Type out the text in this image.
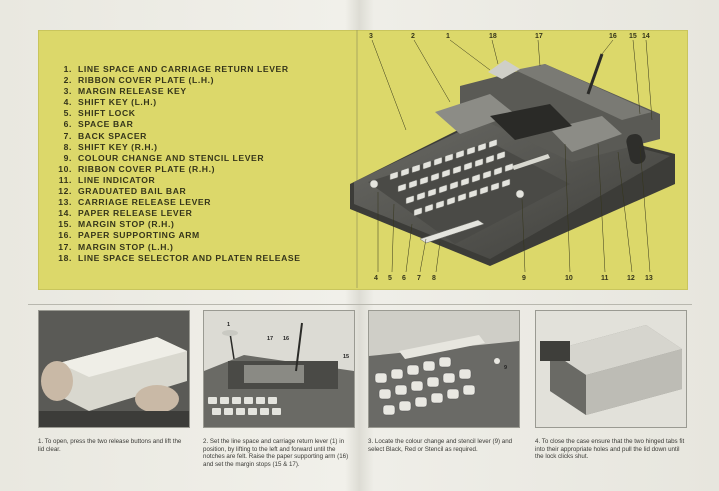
1. LINE SPACE AND CARRIAGE RETURN LEVER
2. RIBBON COVER PLATE (L.H.)
3. MARGIN RELEASE KEY
4. SHIFT KEY (L.H.)
5. SHIFT LOCK
6. SPACE BAR
7. BACK SPACER
8. SHIFT KEY (R.H.)
9. COLOUR CHANGE AND STENCIL LEVER
10. RIBBON COVER PLATE (R.H.)
11. LINE INDICATOR
12. GRADUATED BAIL BAR
13. CARRIAGE RELEASE LEVER
14. PAPER RELEASE LEVER
15. MARGIN STOP (R.H.)
16. PAPER SUPPORTING ARM
17. MARGIN STOP (L.H.)
18. LINE SPACE SELECTOR AND PLATEN RELEASE
3	2	1	18	17	16 15 14
4 5 6 7 8	9	10	11	12 13

1. To open, press the two release buttons and lift the lid clear.

1
17 16
15

2. Set the line space and carriage return lever (1) in position, by lifting to the left and forward until the notches are felt. Raise the paper supporting arm (16) and set the margin stops (15 & 17).

9

3. Locate the colour change and stencil lever (9) and select Black, Red or Stencil as required.

4. To close the case ensure that the two hinged tabs fit into their appropriate holes and pull the lid down until the lock clicks shut.
